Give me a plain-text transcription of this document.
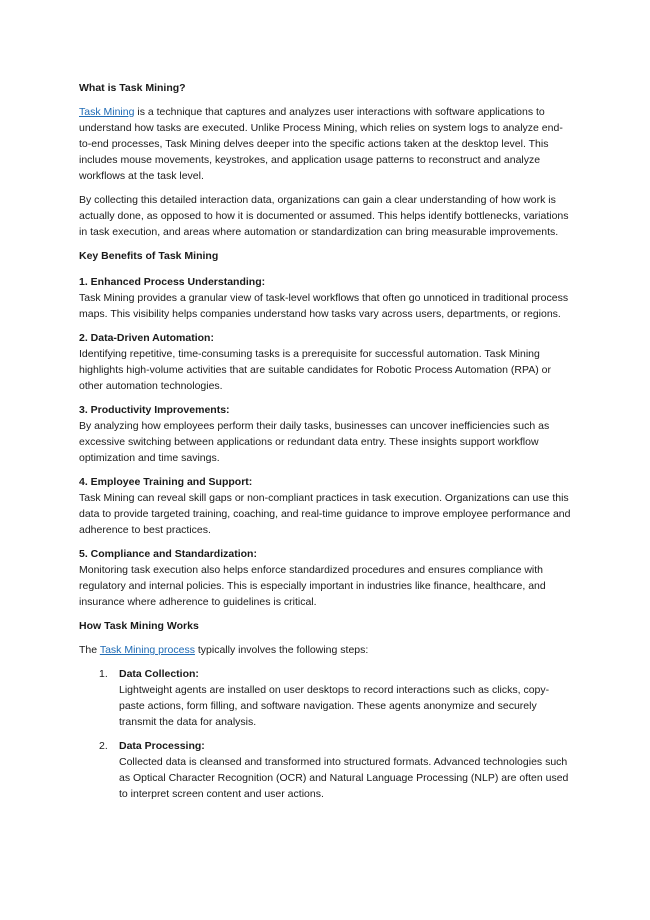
What is Task Mining?

Task Mining is a technique that captures and analyzes user interactions with software applications to understand how tasks are executed. Unlike Process Mining, which relies on system logs to analyze end-to-end processes, Task Mining delves deeper into the specific actions taken at the desktop level. This includes mouse movements, keystrokes, and application usage patterns to reconstruct and analyze workflows at the task level.

By collecting this detailed interaction data, organizations can gain a clear understanding of how work is actually done, as opposed to how it is documented or assumed. This helps identify bottlenecks, variations in task execution, and areas where automation or standardization can bring measurable improvements.

Key Benefits of Task Mining
1. Enhanced Process Understanding:
Task Mining provides a granular view of task-level workflows that often go unnoticed in traditional process maps. This visibility helps companies understand how tasks vary across users, departments, or regions.
2. Data-Driven Automation:
Identifying repetitive, time-consuming tasks is a prerequisite for successful automation. Task Mining highlights high-volume activities that are suitable candidates for Robotic Process Automation (RPA) or other automation technologies.
3. Productivity Improvements:
By analyzing how employees perform their daily tasks, businesses can uncover inefficiencies such as excessive switching between applications or redundant data entry. These insights support workflow optimization and time savings.
4. Employee Training and Support:
Task Mining can reveal skill gaps or non-compliant practices in task execution. Organizations can use this data to provide targeted training, coaching, and real-time guidance to improve employee performance and adherence to best practices.
5. Compliance and Standardization:
Monitoring task execution also helps enforce standardized procedures and ensures compliance with regulatory and internal policies. This is especially important in industries like finance, healthcare, and insurance where adherence to guidelines is critical.
How Task Mining Works

The Task Mining process typically involves the following steps:

1. Data Collection:
Lightweight agents are installed on user desktops to record interactions such as clicks, copy-paste actions, form filling, and software navigation. These agents anonymize and securely transmit the data for analysis.
2. Data Processing:
Collected data is cleansed and transformed into structured formats. Advanced technologies such as Optical Character Recognition (OCR) and Natural Language Processing (NLP) are often used to interpret screen content and user actions.
